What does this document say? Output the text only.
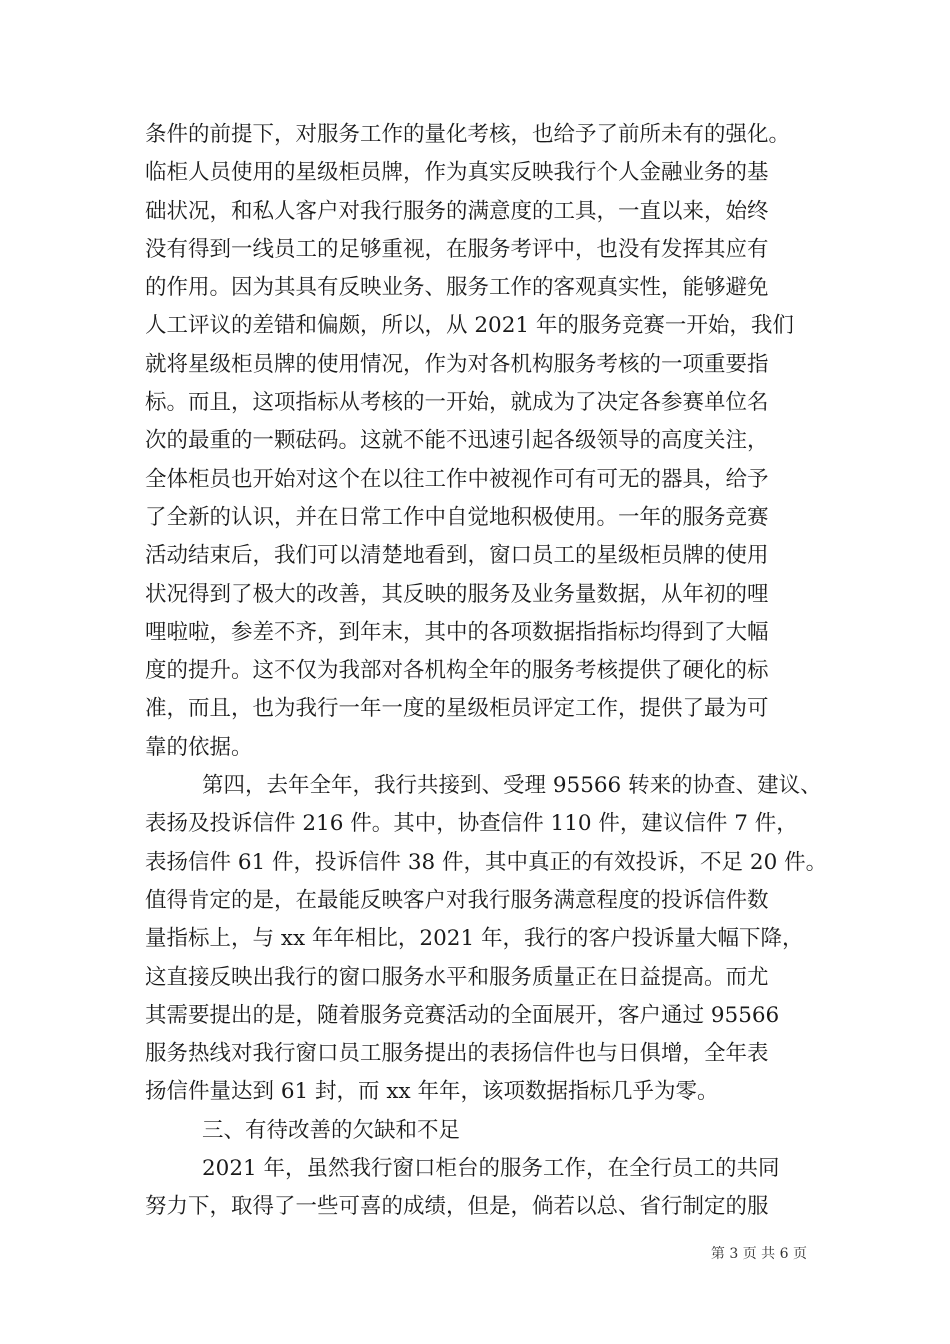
条件的前提下，对服务工作的量化考核，也给予了前所未有的强化。
临柜人员使用的星级柜员牌，作为真实反映我行个人金融业务的基
础状况，和私人客户对我行服务的满意度的工具，一直以来，始终
没有得到一线员工的足够重视，在服务考评中，也没有发挥其应有
的作用。因为其具有反映业务、服务工作的客观真实性，能够避免
人工评议的差错和偏颇，所以，从 2021 年的服务竞赛一开始，我们
就将星级柜员牌的使用情况，作为对各机构服务考核的一项重要指
标。而且，这项指标从考核的一开始，就成为了决定各参赛单位名
次的最重的一颗砝码。这就不能不迅速引起各级领导的高度关注，
全体柜员也开始对这个在以往工作中被视作可有可无的器具，给予
了全新的认识，并在日常工作中自觉地积极使用。一年的服务竞赛
活动结束后，我们可以清楚地看到，窗口员工的星级柜员牌的使用
状况得到了极大的改善，其反映的服务及业务量数据，从年初的哩
哩啦啦，参差不齐，到年末，其中的各项数据指指标均得到了大幅
度的提升。这不仅为我部对各机构全年的服务考核提供了硬化的标
准，而且，也为我行一年一度的星级柜员评定工作，提供了最为可
靠的依据。
第四，去年全年，我行共接到、受理 95566 转来的协查、建议、
表扬及投诉信件 216 件。其中，协查信件 110 件，建议信件 7 件，
表扬信件 61 件，投诉信件 38 件，其中真正的有效投诉，不足 20 件。
值得肯定的是，在最能反映客户对我行服务满意程度的投诉信件数
量指标上，与 xx 年年相比，2021 年，我行的客户投诉量大幅下降，
这直接反映出我行的窗口服务水平和服务质量正在日益提高。而尤
其需要提出的是，随着服务竞赛活动的全面展开，客户通过 95566
服务热线对我行窗口员工服务提出的表扬信件也与日俱增，全年表
扬信件量达到 61 封，而 xx 年年，该项数据指标几乎为零。
三、有待改善的欠缺和不足
2021 年，虽然我行窗口柜台的服务工作，在全行员工的共同
努力下，取得了一些可喜的成绩，但是，倘若以总、省行制定的服
第 3 页 共 6 页
